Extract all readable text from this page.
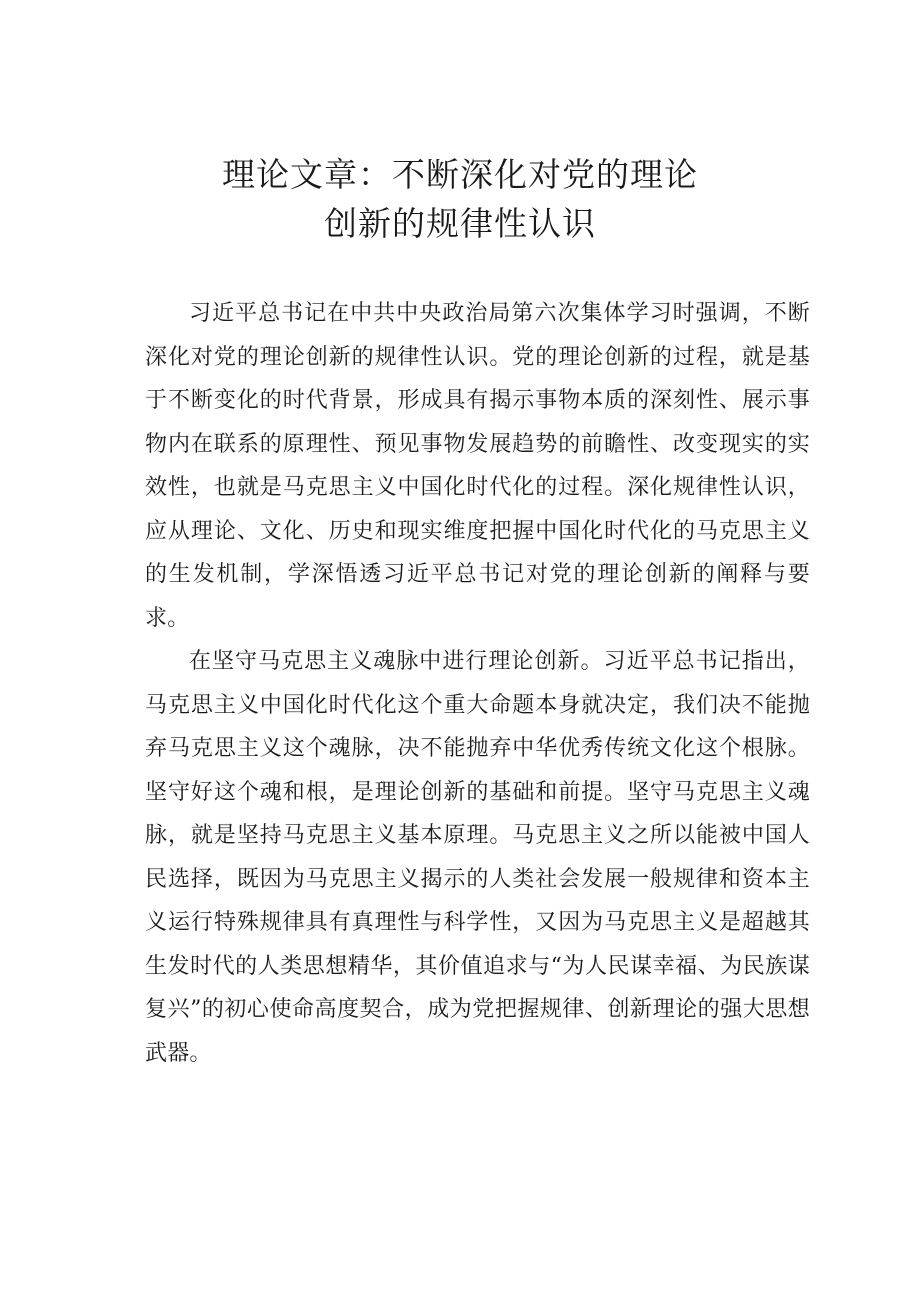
理论文章：不断深化对党的理论
创新的规律性认识

习近平总书记在中共中央政治局第六次集体学习时强调，不断深化对党的理论创新的规律性认识。党的理论创新的过程，就是基于不断变化的时代背景，形成具有揭示事物本质的深刻性、展示事物内在联系的原理性、预见事物发展趋势的前瞻性、改变现实的实效性，也就是马克思主义中国化时代化的过程。深化规律性认识，应从理论、文化、历史和现实维度把握中国化时代化的马克思主义的生发机制，学深悟透习近平总书记对党的理论创新的阐释与要求。

在坚守马克思主义魂脉中进行理论创新。习近平总书记指出，马克思主义中国化时代化这个重大命题本身就决定，我们决不能抛弃马克思主义这个魂脉，决不能抛弃中华优秀传统文化这个根脉。坚守好这个魂和根，是理论创新的基础和前提。坚守马克思主义魂脉，就是坚持马克思主义基本原理。马克思主义之所以能被中国人民选择，既因为马克思主义揭示的人类社会发展一般规律和资本主义运行特殊规律具有真理性与科学性，又因为马克思主义是超越其生发时代的人类思想精华，其价值追求与“为人民谋幸福、为民族谋复兴”的初心使命高度契合，成为党把握规律、创新理论的强大思想武器。
